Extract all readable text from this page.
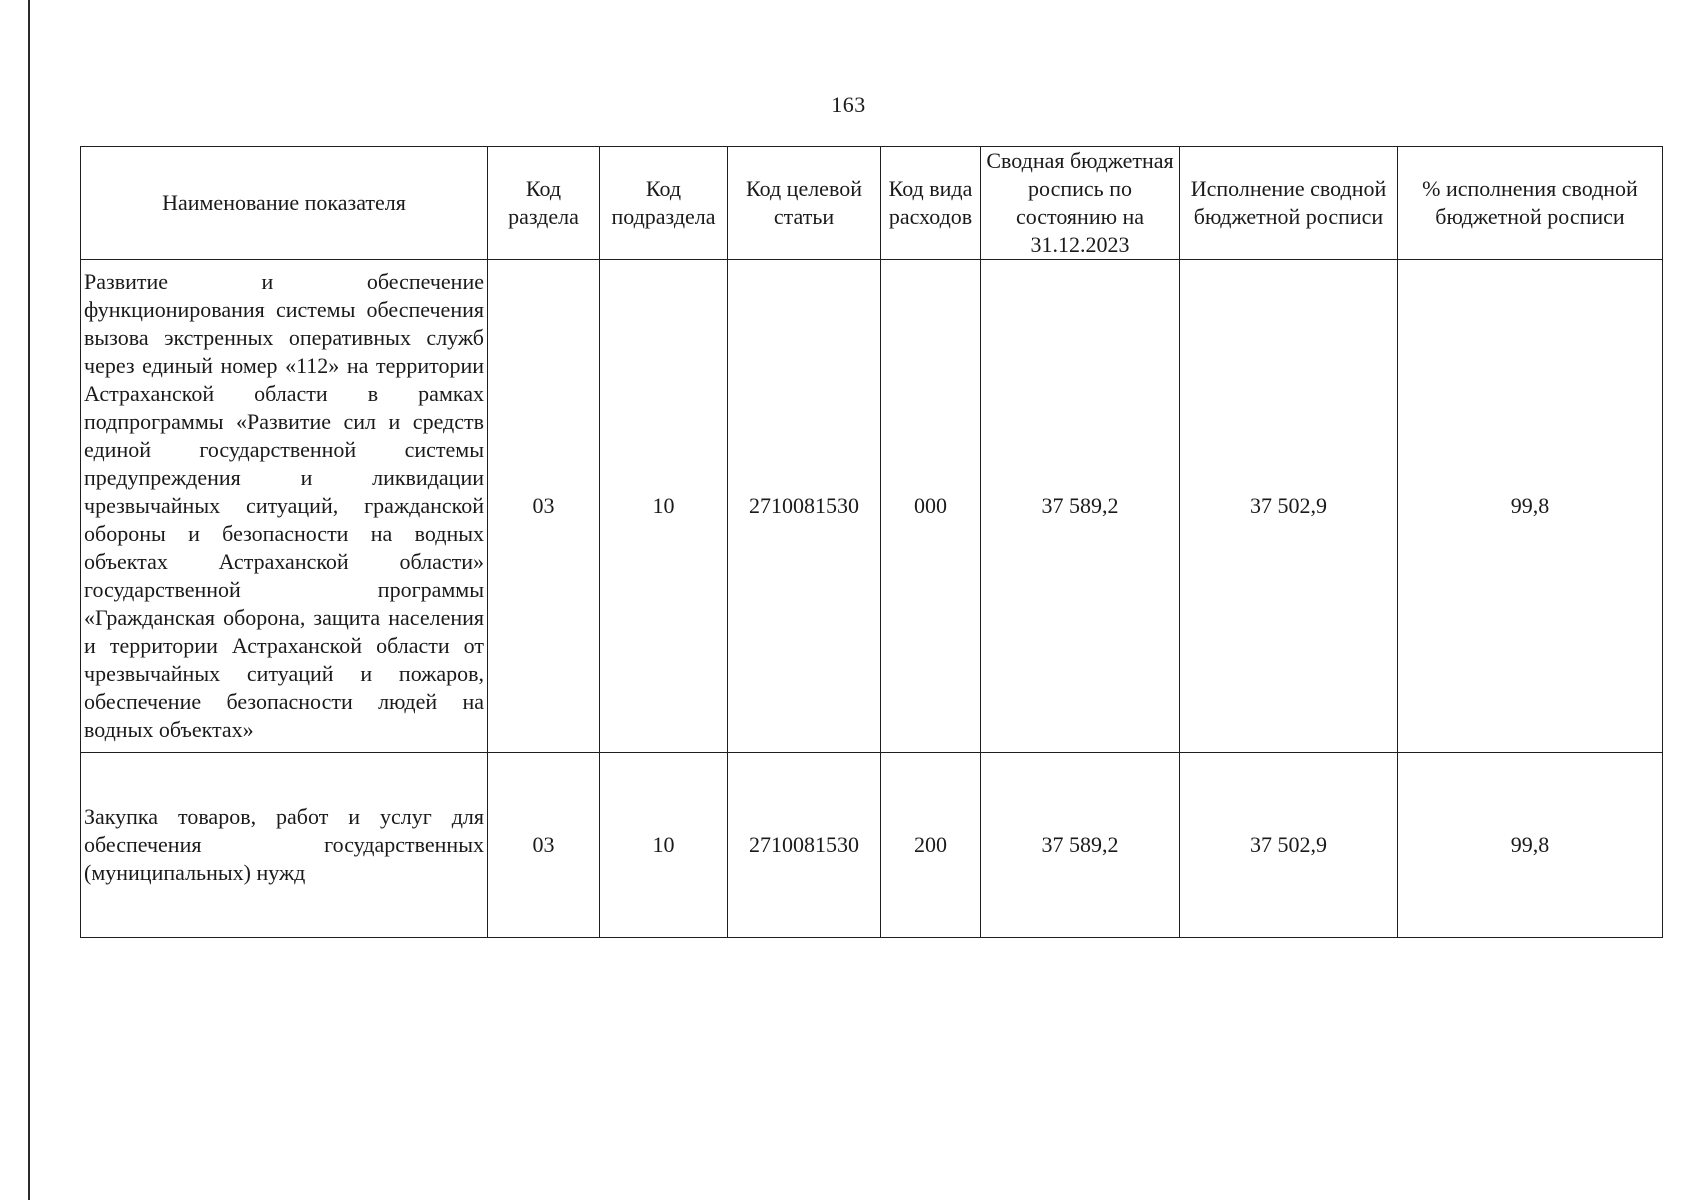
163
Наименование показателя	Код раздела	Код подраздела	Код целевой статьи	Код вида расходов	Сводная бюджетная роспись по состоянию на 31.12.2023	Исполнение сводной бюджетной росписи	% исполнения сводной бюджетной росписи
Развитие и обеспечение функционирования системы обеспечения вызова экстренных оперативных служб через единый номер «112» на территории Астраханской области в рамках подпрограммы «Развитие сил и средств единой государственной системы предупреждения и ликвидации чрезвычайных ситуаций, гражданской обороны и безопасности на водных объектах Астраханской области» государственной программы «Гражданская оборона, защита населения и территории Астраханской области от чрезвычайных ситуаций и пожаров, обеспечение безопасности людей на водных объектах»	03	10	2710081530	000	37 589,2	37 502,9	99,8
Закупка товаров, работ и услуг для обеспечения государственных (муниципальных) нужд	03	10	2710081530	200	37 589,2	37 502,9	99,8
